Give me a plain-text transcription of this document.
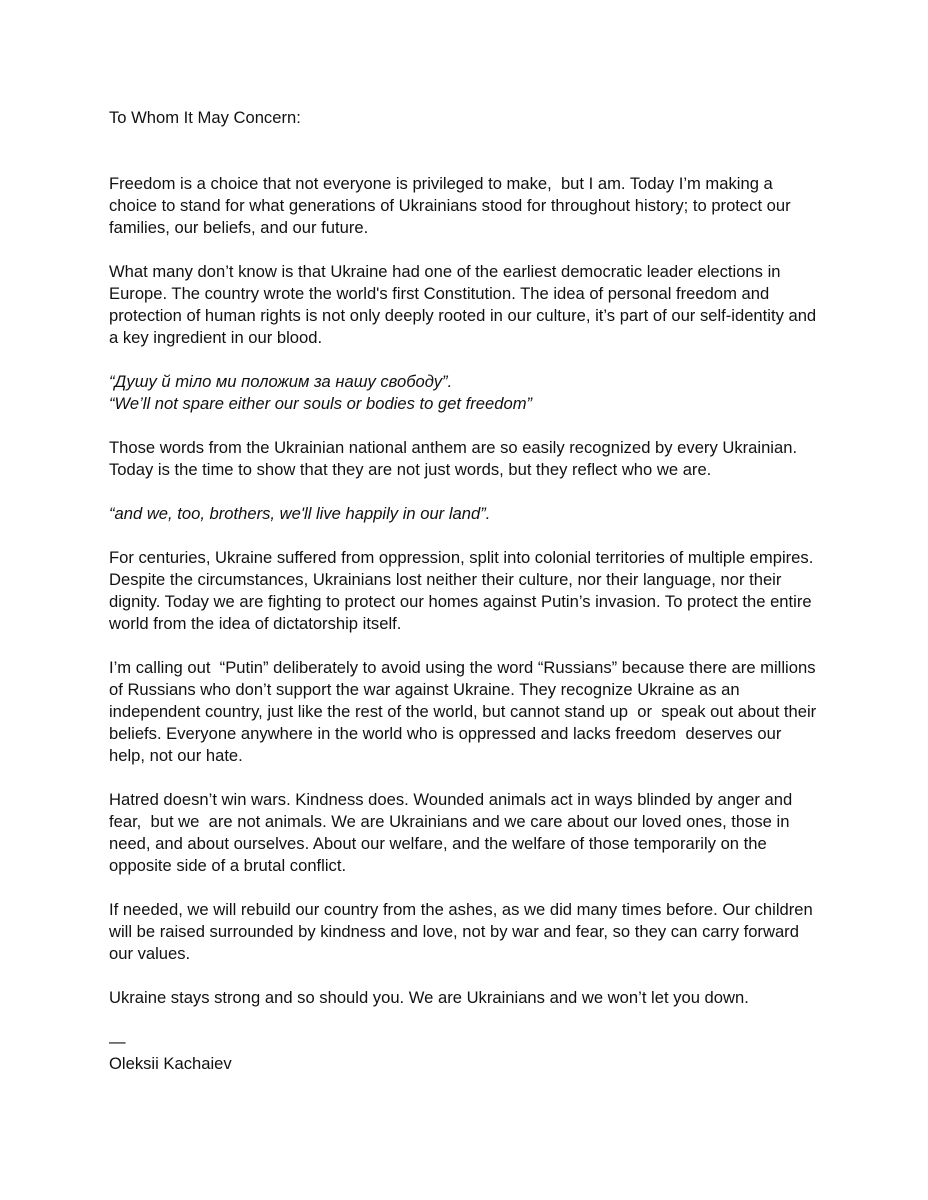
To Whom It May Concern:

Freedom is a choice that not everyone is privileged to make,  but I am. Today I’m making a choice to stand for what generations of Ukrainians stood for throughout history; to protect our families, our beliefs, and our future.

What many don’t know is that Ukraine had one of the earliest democratic leader elections in Europe. The country wrote the world's first Constitution. The idea of personal freedom and protection of human rights is not only deeply rooted in our culture, it’s part of our self-identity and a key ingredient in our blood.

“Душу й тіло ми положим за нашу свободу”.

“We’ll not spare either our souls or bodies to get freedom”

Those words from the Ukrainian national anthem are so easily recognized by every Ukrainian. Today is the time to show that they are not just words, but they reflect who we are.

“and we, too, brothers, we'll live happily in our land”.

For centuries, Ukraine suffered from oppression, split into colonial territories of multiple empires. Despite the circumstances, Ukrainians lost neither their culture, nor their language, nor their dignity. Today we are fighting to protect our homes against Putin’s invasion. To protect the entire world from the idea of dictatorship itself.

I’m calling out  “Putin” deliberately to avoid using the word “Russians” because there are millions of Russians who don’t support the war against Ukraine. They recognize Ukraine as an independent country, just like the rest of the world, but cannot stand up  or  speak out about their beliefs. Everyone anywhere in the world who is oppressed and lacks freedom  deserves our help, not our hate.

Hatred doesn’t win wars. Kindness does. Wounded animals act in ways blinded by anger and fear,  but we  are not animals. We are Ukrainians and we care about our loved ones, those in need, and about ourselves. About our welfare, and the welfare of those temporarily on the opposite side of a brutal conflict.

If needed, we will rebuild our country from the ashes, as we did many times before. Our children will be raised surrounded by kindness and love, not by war and fear, so they can carry forward our values.

Ukraine stays strong and so should you. We are Ukrainians and we won’t let you down.

—

Oleksii Kachaiev
